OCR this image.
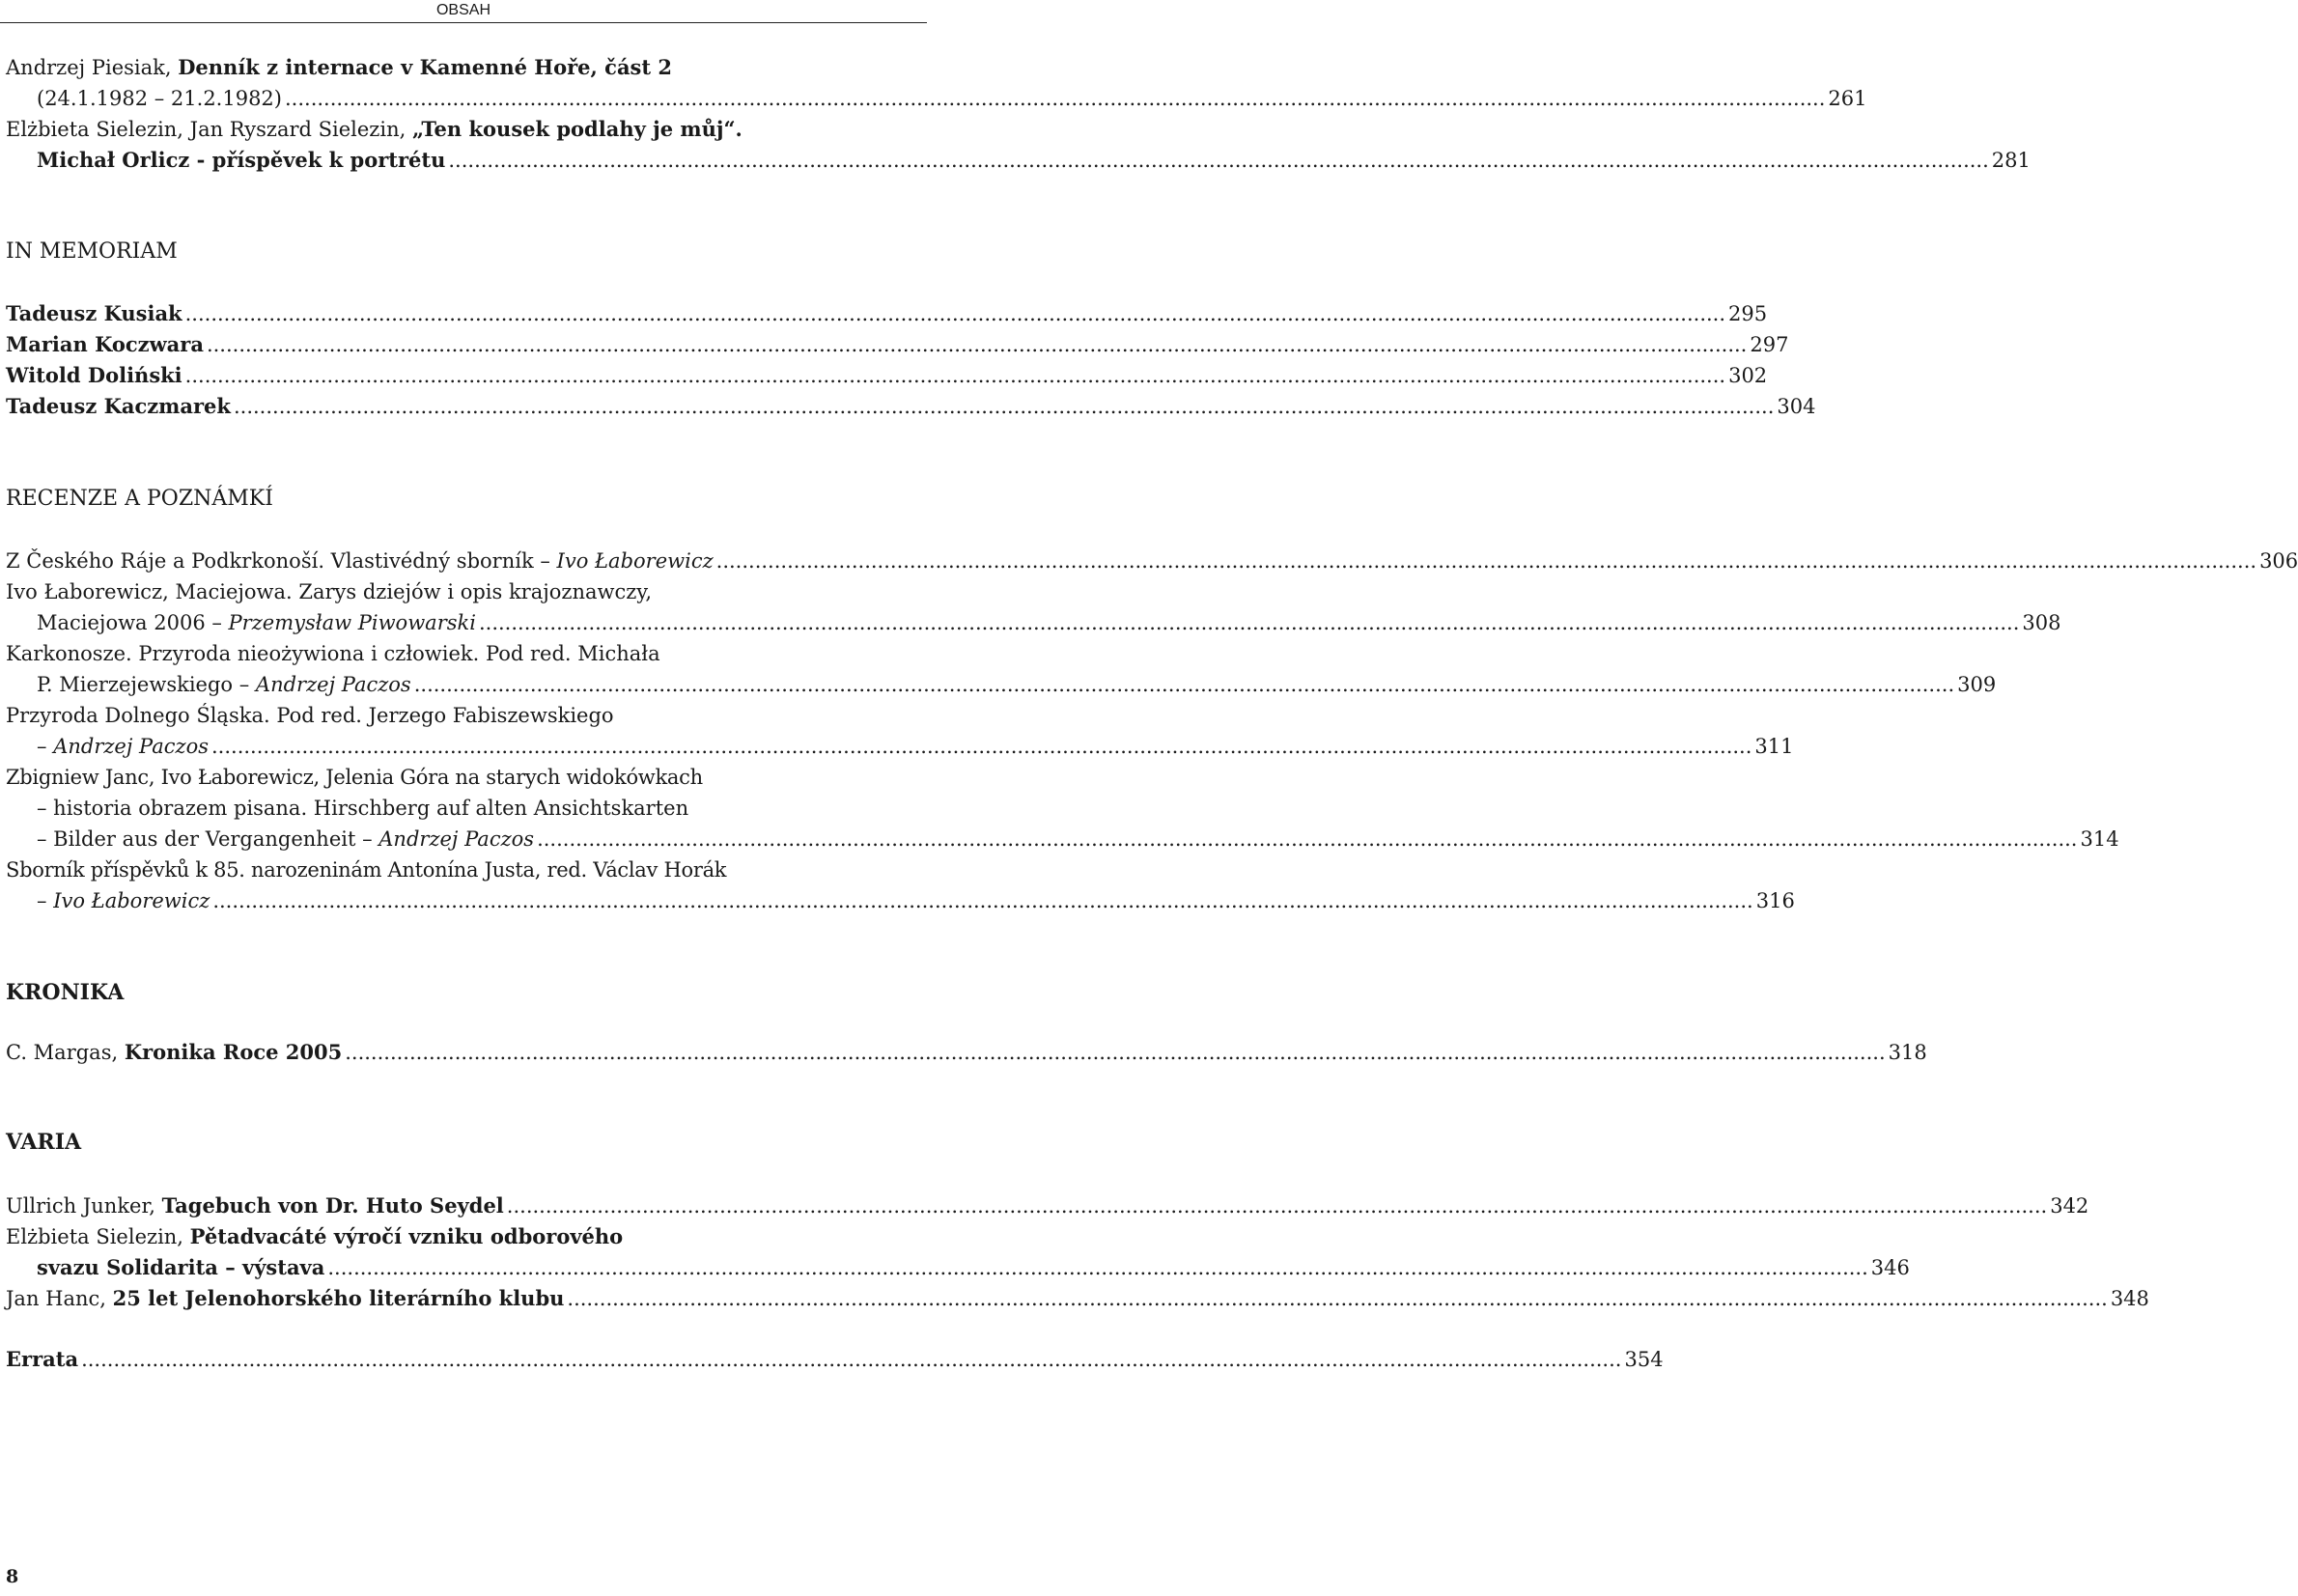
OBSAH
Andrzej Piesiak, Denník z internace v Kamenné Hoře, část 2
(24.1.1982 – 21.2.1982) ............................................................................................................................................................................................................................................... 261
Elżbieta Sielezin, Jan Ryszard Sielezin, „Ten kousek podlahy je můj“.
Michał Orlicz - příspěvek k portrétu ............................................................................................................................................................................................................................................... 281
IN MEMORIAM
Tadeusz Kusiak ............................................................................................................................................................................................................................................... 295
Marian Koczwara ............................................................................................................................................................................................................................................... 297
Witold Doliński ............................................................................................................................................................................................................................................... 302
Tadeusz Kaczmarek ............................................................................................................................................................................................................................................... 304
RECENZE A POZNÁMKÍ
Z Českého Ráje a Podkrkonoší. Vlastivédný sborník – Ivo Łaborewicz ............................................................................................................................................................................................................................................... 306
Ivo Łaborewicz, Maciejowa. Zarys dziejów i opis krajoznawczy,
Maciejowa 2006 – Przemysław Piwowarski ............................................................................................................................................................................................................................................... 308
Karkonosze. Przyroda nieożywiona i człowiek. Pod red. Michała
P. Mierzejewskiego – Andrzej Paczos ............................................................................................................................................................................................................................................... 309
Przyroda Dolnego Śląska. Pod red. Jerzego Fabiszewskiego
– Andrzej Paczos ............................................................................................................................................................................................................................................... 311
Zbigniew Janc, Ivo Łaborewicz, Jelenia Góra na starych widokówkach
– historia obrazem pisana. Hirschberg auf alten Ansichtskarten
– Bilder aus der Vergangenheit – Andrzej Paczos ............................................................................................................................................................................................................................................... 314
Sborník příspěvků k 85. narozeninám Antonína Justa, red. Václav Horák
– Ivo Łaborewicz ............................................................................................................................................................................................................................................... 316
KRONIKA
C. Margas, Kronika Roce 2005 ............................................................................................................................................................................................................................................... 318
VARIA
Ullrich Junker, Tagebuch von Dr. Huto Seydel ............................................................................................................................................................................................................................................... 342
Elżbieta Sielezin, Pětadvacáté výročí vzniku odborového
svazu Solidarita – výstava ............................................................................................................................................................................................................................................... 346
Jan Hanc, 25 let Jelenohorského literárního klubu ............................................................................................................................................................................................................................................... 348
Errata ............................................................................................................................................................................................................................................... 354
8
